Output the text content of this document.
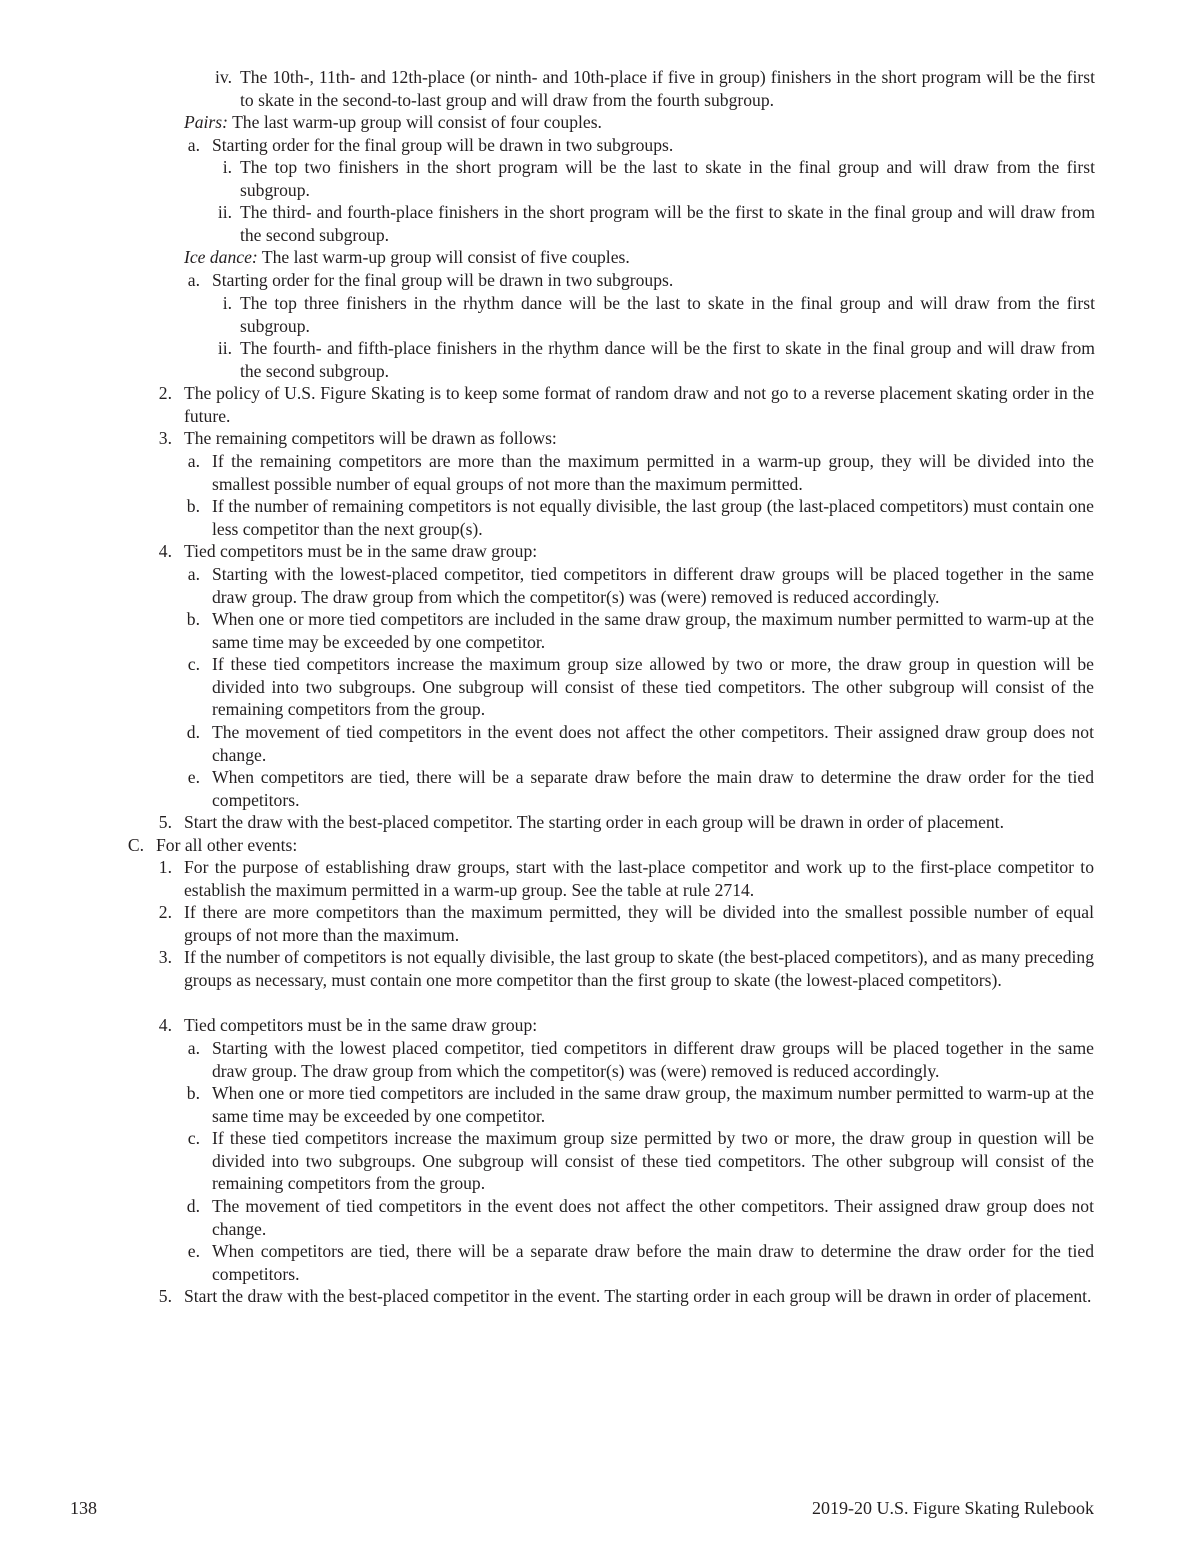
iv. The 10th-, 11th- and 12th-place (or ninth- and 10th-place if five in group) finishers in the short program will be the first to skate in the second-to-last group and will draw from the fourth subgroup.
Pairs: The last warm-up group will consist of four couples.
a. Starting order for the final group will be drawn in two subgroups.
i. The top two finishers in the short program will be the last to skate in the final group and will draw from the first subgroup.
ii. The third- and fourth-place finishers in the short program will be the first to skate in the final group and will draw from the second subgroup.
Ice dance: The last warm-up group will consist of five couples.
a. Starting order for the final group will be drawn in two subgroups.
i. The top three finishers in the rhythm dance will be the last to skate in the final group and will draw from the first subgroup.
ii. The fourth- and fifth-place finishers in the rhythm dance will be the first to skate in the final group and will draw from the second subgroup.
2. The policy of U.S. Figure Skating is to keep some format of random draw and not go to a reverse placement skating order in the future.
3. The remaining competitors will be drawn as follows:
a. If the remaining competitors are more than the maximum permitted in a warm-up group, they will be divided into the smallest possible number of equal groups of not more than the maximum permitted.
b. If the number of remaining competitors is not equally divisible, the last group (the last-placed competitors) must contain one less competitor than the next group(s).
4. Tied competitors must be in the same draw group:
a. Starting with the lowest-placed competitor, tied competitors in different draw groups will be placed together in the same draw group. The draw group from which the competitor(s) was (were) removed is reduced accordingly.
b. When one or more tied competitors are included in the same draw group, the maximum number permitted to warm-up at the same time may be exceeded by one competitor.
c. If these tied competitors increase the maximum group size allowed by two or more, the draw group in question will be divided into two subgroups. One subgroup will consist of these tied competitors. The other subgroup will consist of the remaining competitors from the group.
d. The movement of tied competitors in the event does not affect the other competitors. Their assigned draw group does not change.
e. When competitors are tied, there will be a separate draw before the main draw to determine the draw order for the tied competitors.
5. Start the draw with the best-placed competitor. The starting order in each group will be drawn in order of placement.
C. For all other events:
1. For the purpose of establishing draw groups, start with the last-place competitor and work up to the first-place competitor to establish the maximum permitted in a warm-up group. See the table at rule 2714.
2. If there are more competitors than the maximum permitted, they will be divided into the smallest possible number of equal groups of not more than the maximum.
3. If the number of competitors is not equally divisible, the last group to skate (the best-placed competitors), and as many preceding groups as necessary, must contain one more competitor than the first group to skate (the lowest-placed competitors).
4. Tied competitors must be in the same draw group:
a. Starting with the lowest placed competitor, tied competitors in different draw groups will be placed together in the same draw group. The draw group from which the competitor(s) was (were) removed is reduced accordingly.
b. When one or more tied competitors are included in the same draw group, the maximum number permitted to warm-up at the same time may be exceeded by one competitor.
c. If these tied competitors increase the maximum group size permitted by two or more, the draw group in question will be divided into two subgroups. One subgroup will consist of these tied competitors. The other subgroup will consist of the remaining competitors from the group.
d. The movement of tied competitors in the event does not affect the other competitors. Their assigned draw group does not change.
e. When competitors are tied, there will be a separate draw before the main draw to determine the draw order for the tied competitors.
5. Start the draw with the best-placed competitor in the event. The starting order in each group will be drawn in order of placement.
138	2019-20 U.S. Figure Skating Rulebook
